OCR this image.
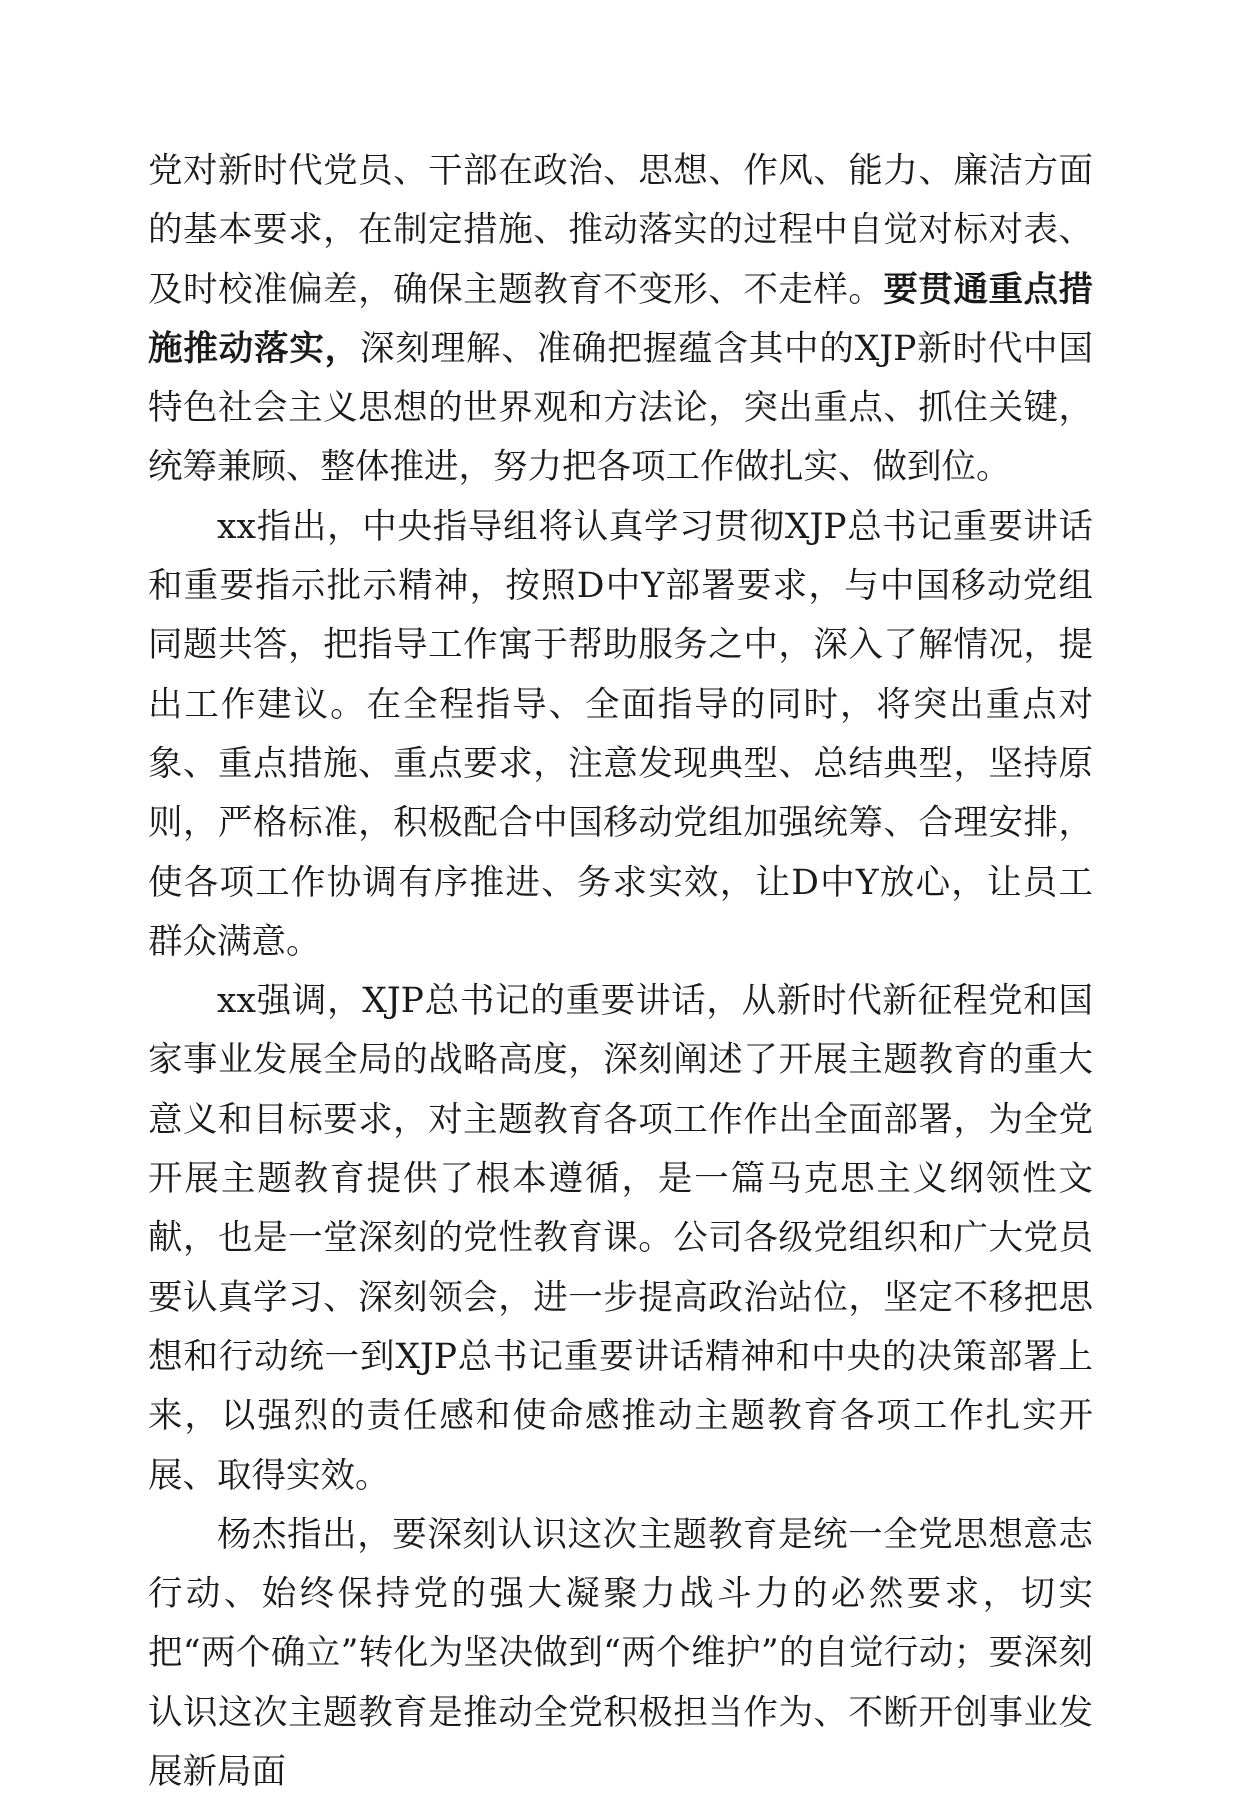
党对新时代党员、干部在政治、思想、作风、能力、廉洁方面的基本要求，在制定措施、推动落实的过程中自觉对标对表、及时校准偏差，确保主题教育不变形、不走样。要贯通重点措施推动落实，深刻理解、准确把握蕴含其中的XJP新时代中国特色社会主义思想的世界观和方法论，突出重点、抓住关键，统筹兼顾、整体推进，努力把各项工作做扎实、做到位。

xx指出，中央指导组将认真学习贯彻XJP总书记重要讲话和重要指示批示精神，按照D中Y部署要求，与中国移动党组同题共答，把指导工作寓于帮助服务之中，深入了解情况，提出工作建议。在全程指导、全面指导的同时，将突出重点对象、重点措施、重点要求，注意发现典型、总结典型，坚持原则，严格标准，积极配合中国移动党组加强统筹、合理安排，使各项工作协调有序推进、务求实效，让D中Y放心，让员工群众满意。

xx强调，XJP总书记的重要讲话，从新时代新征程党和国家事业发展全局的战略高度，深刻阐述了开展主题教育的重大意义和目标要求，对主题教育各项工作作出全面部署，为全党开展主题教育提供了根本遵循，是一篇马克思主义纲领性文献，也是一堂深刻的党性教育课。公司各级党组织和广大党员要认真学习、深刻领会，进一步提高政治站位，坚定不移把思想和行动统一到XJP总书记重要讲话精神和中央的决策部署上来，以强烈的责任感和使命感推动主题教育各项工作扎实开展、取得实效。

杨杰指出，要深刻认识这次主题教育是统一全党思想意志行动、始终保持党的强大凝聚力战斗力的必然要求，切实把“两个确立”转化为坚决做到“两个维护”的自觉行动；要深刻认识这次主题教育是推动全党积极担当作为、不断开创事业发展新局面
